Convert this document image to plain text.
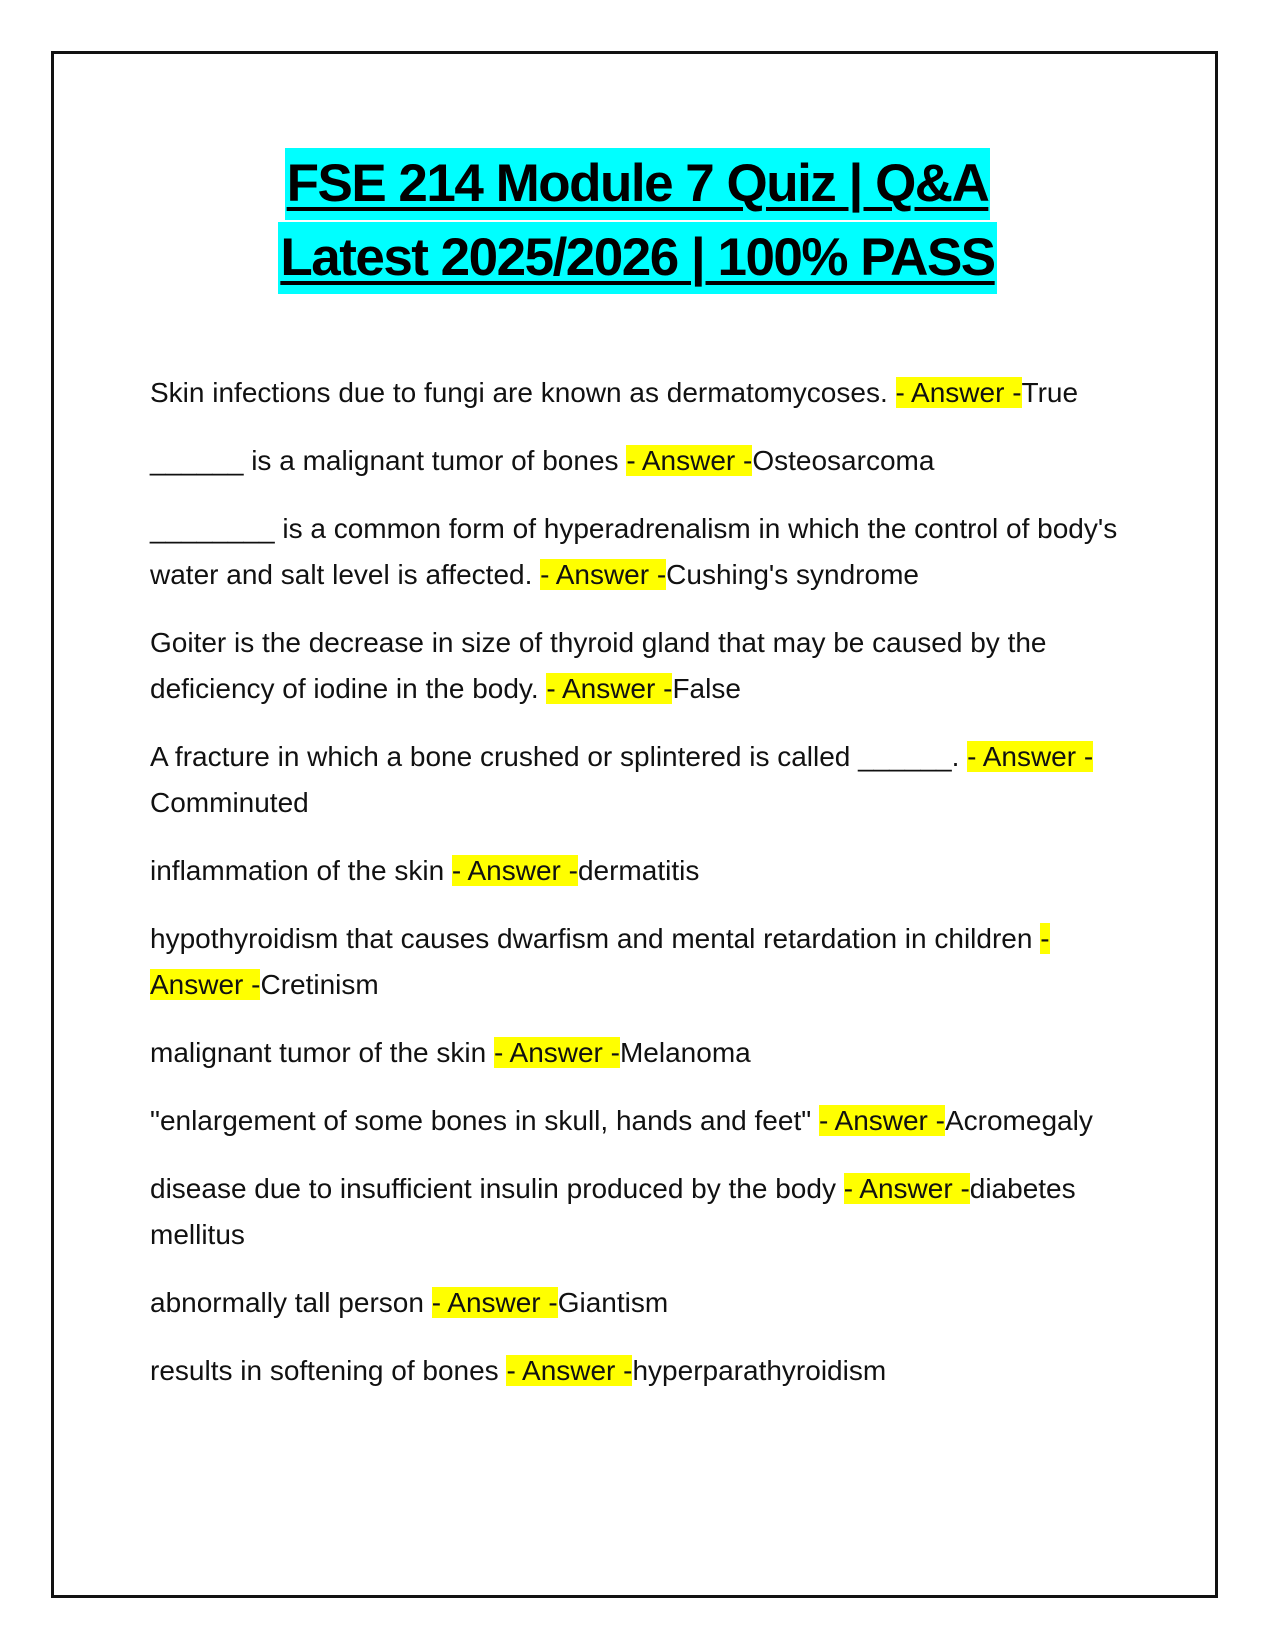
FSE 214 Module 7 Quiz | Q&A
Latest 2025/2026 | 100% PASS
Skin infections due to fungi are known as dermatomycoses. - Answer -True
______ is a malignant tumor of bones - Answer -Osteosarcoma
________ is a common form of hyperadrenalism in which the control of body's water and salt level is affected. - Answer -Cushing's syndrome
Goiter is the decrease in size of thyroid gland that may be caused by the deficiency of iodine in the body. - Answer -False
A fracture in which a bone crushed or splintered is called ______. - Answer -Comminuted
inflammation of the skin - Answer -dermatitis
hypothyroidism that causes dwarfism and mental retardation in children - Answer -Cretinism
malignant tumor of the skin - Answer -Melanoma
"enlargement of some bones in skull, hands and feet" - Answer -Acromegaly
disease due to insufficient insulin produced by the body - Answer -diabetes mellitus
abnormally tall person - Answer -Giantism
results in softening of bones - Answer -hyperparathyroidism
